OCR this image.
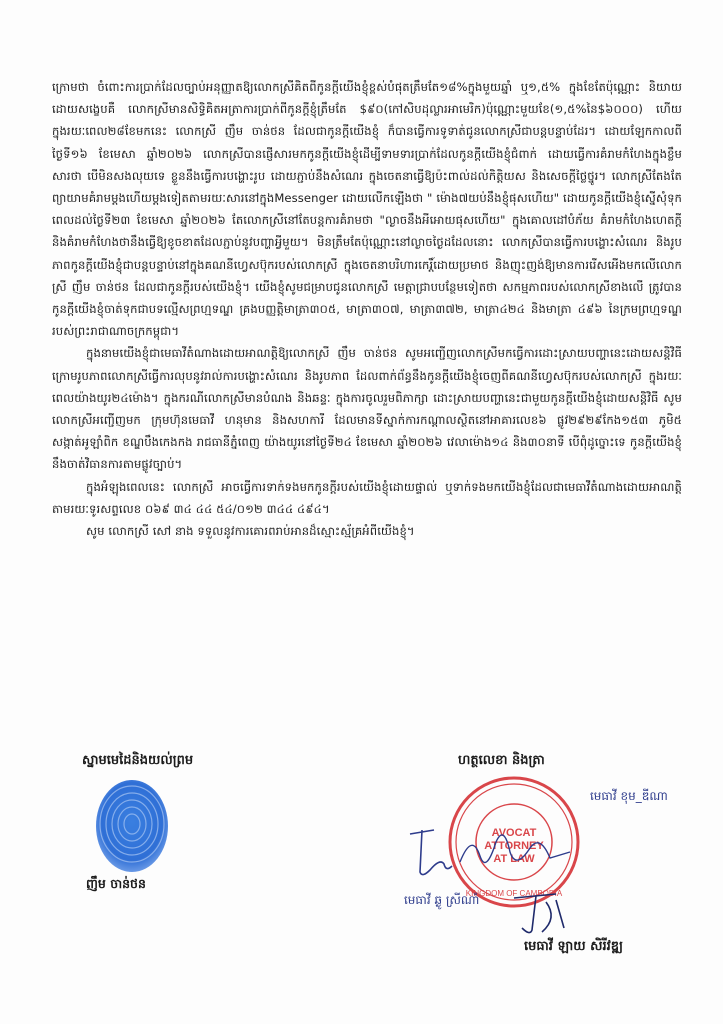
ក្រោមថា ចំពោះការប្រាក់ដែលច្បាប់អនុញ្ញាតឱ្យលោកស្រីគិតពីកូនក្តីយើងខ្ញុំខ្ពស់បំផុតត្រឹមតែ១៨%ក្នុងមួយឆ្នាំ ឬ១,៥% ក្នុងខែតែប៉ុណ្ណោះ និយាយដោយសង្ខេបគឺ លោកស្រីមានសិទ្ធិគិតអត្រាការប្រាក់ពីកូនក្តីខ្ញុំត្រឹមតែ $៩០(កៅសិបដុល្លារអាមេរិក)ប៉ុណ្ណោះមួយខែ(១,៥%នៃ$៦០០០) ហើយក្នុងរយៈពេល២៨ខែមកនេះ លោកស្រី ញឹម ចាន់ថន ដែលជាកូនក្តីយើងខ្ញុំ ក៏បានធ្វើការទូទាត់ជូនលោកស្រីជាបន្តបន្ទាប់ដែរ។ ដោយឡែកកាលពីថ្ងៃទី១៦ ខែមេសា ឆ្នាំ២០២៦ លោកស្រីបានផ្ញើសារមកកូនក្តីយើងខ្ញុំដើម្បីទាមទារប្រាក់ដែលកូនក្តីយើងខ្ញុំជំពាក់ ដោយធ្វើការគំរាមកំហែងក្នុងខ្លឹមសារថា បើមិនសងលុយទេ ខ្លួននឹងធ្វើការបង្ហោះរូប ដោយភ្ជាប់នឹងសំណេរ ក្នុងចេតនាធ្វើឱ្យប៉ះពាល់ដល់កិត្តិយស និងសេចក្តីថ្លៃថ្នូរ។ លោកស្រីតែងតែព្យាយាមគំរាមម្តងហើយម្តងទៀតតាមរយៈសារនៅក្នុងMessenger ដោយលើកឡើងថា " ម៉ោង៧យប់នឹងខ្ញុំផុសហើយ" ដោយកូនក្តីយើងខ្ញុំស្នើសុំទុកពេលដល់ថ្ងៃទី២៣ ខែមេសា ឆ្នាំ២០២៦ តែលោកស្រីនៅតែបន្តការគំរាមថា "ល្ងាចនឹងអីអោយផុសហើយ" ក្នុងគោលដៅបំភ័យ គំរាមកំហែងហេតក្តី និងគំរាមកំហែងថានឹងធ្វើឱ្យខូចខាតដែលភ្ជាប់នូវបញ្ហាអ្វីមួយ។ មិនត្រឹមតែប៉ុណ្ណោះនៅល្ងាចថ្ងៃដដែលនោះ លោកស្រីបានធ្វើការបង្ហោះសំណេរ និងរូបភាពកូនក្តីយើងខ្ញុំជាបន្តបន្ទាប់នៅក្នុងគណនីហ្វេសប៊ុករបស់លោកស្រី ក្នុងចេតនាបរិហារកេរ្តិ៍ដោយប្រមាថ និងញុះញង់ឱ្យមានការរើសអើងមកលើលោកស្រី ញឹម ចាន់ថន ដែលជាកូនក្តីរបស់យើងខ្ញុំ។ យើងខ្ញុំសូមជម្រាបជូនលោកស្រី មេត្តាជ្រាបបន្ថែមទៀតថា សកម្មភាពរបស់លោកស្រីខាងលើ ត្រូវបានកូនក្តីយើងខ្ញុំចាត់ទុកជាបទល្មើសព្រហ្មទណ្ឌ គ្រងបញ្ញត្តិមាត្រា៣០៥, មាត្រា៣០៧, មាត្រា៣៧២, មាត្រា៤២៤ និងមាត្រា ៤៩៦ នៃក្រមព្រហ្មទណ្ឌរបស់ព្រះរាជាណាចក្រកម្ពុជា។

ក្នុងនាមយើងខ្ញុំជាមេធាវីតំណាងដោយអាណត្តិឱ្យលោកស្រី ញឹម ចាន់ថន សូមអញ្ជើញលោកស្រីមកធ្វើការដោះស្រាយបញ្ហានេះដោយសន្តិវិធី ក្រោមរូបភាពលោកស្រីធ្វើការលុបនូវរាល់ការបង្ហោះសំណេរ និងរូបភាព ដែលពាក់ព័ន្ធនឹងកូនក្តីយើងខ្ញុំចេញពីគណនីហ្វេសប៊ុករបស់លោកស្រី ក្នុងរយៈពេលយ៉ាងយូរ២៤ម៉ោង។ ក្នុងករណីលោកស្រីមានបំណង និងឆន្ទៈ ក្នុងការចូលរួមពិភាក្សា ដោះស្រាយបញ្ហានេះជាមួយកូនក្តីយើងខ្ញុំដោយសន្តិវិធី សូមលោកស្រីអញ្ជើញមក ក្រុមហ៊ុនមេធាវី ហនុមាន និងសហការី ដែលមានទីស្នាក់ការកណ្តាលស្ថិតនៅអាគារលេខ៦ ផ្លូវ២៩២៩កែង១៥៣ ភូមិ៥ សង្កាត់អូឡាំពិក ខណ្ឌបឹងកេងកង រាជធានីភ្នំពេញ យ៉ាងយូរនៅថ្ងៃទី២៤ ខែមេសា ឆ្នាំ២០២៦ វេលាម៉ោង១៤ និង៣០នាទី បើពុំដូច្នោះទេ កូនក្តីយើងខ្ញុំនឹងចាត់វិធានការតាមផ្លូវច្បាប់។

ក្នុងអំឡុងពេលនេះ លោកស្រី អាចធ្វើការទាក់ទងមកកូនក្តីរបស់យើងខ្ញុំដោយផ្ទាល់ ឬទាក់ទងមកយើងខ្ញុំដែលជាមេធាវីតំណាងដោយអាណត្តិតាមរយៈទូរសព្ទលេខ ០៦៩ ៣៤ ៤៤ ៥៤/០១២ ៣៤៤ ៤៩៤។

សូម លោកស្រី សៅ នាង ទទួលនូវការគោរពរាប់អានដ៏ស្មោះស្ម័គ្រអំពីយើងខ្ញុំ។

ស្នាមមេដៃនិងយល់ព្រម	ហត្ថលេខា និងត្រា
ញឹម ចាន់ថន
AVOCAT
ATTORNEY
AT LAW
KINGDOM OF CAMBODIA
មេធាវី ខុម_ឌីណា
មេធាវី ឆ្ងូ ស្រីណាំ
មេធាវី ឡាយ សិរីវឌ្ឍ
